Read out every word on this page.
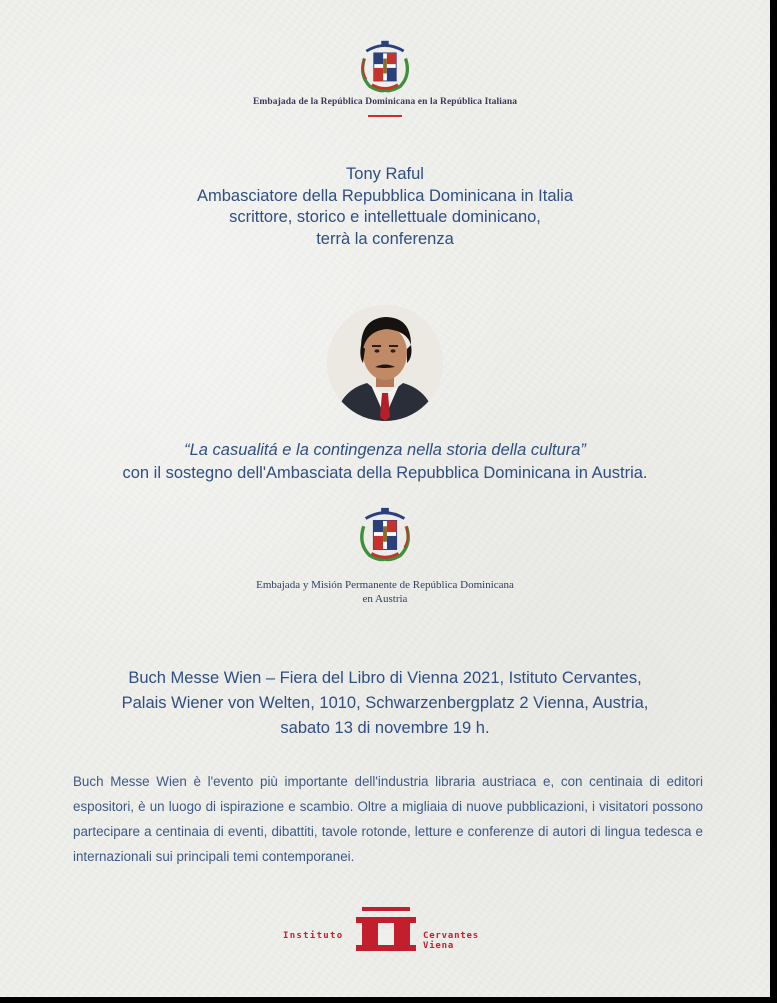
Embajada de la República Dominicana en la República Italiana
Tony Raful
Ambasciatore della Repubblica Dominicana in Italia
scrittore, storico e intellettuale dominicano,
terrà la conferenza
“La casualitá e la contingenza nella storia della cultura”
con il sostegno dell'Ambasciata della Repubblica Dominicana in Austria.
Embajada y Misión Permanente de República Dominicana
en Austria
Buch Messe Wien – Fiera del Libro di Vienna 2021, Istituto Cervantes,
Palais Wiener von Welten, 1010, Schwarzenbergplatz 2 Vienna, Austria,
sabato 13 di novembre 19 h.
Buch Messe Wien è l'evento più importante dell'industria libraria austriaca e, con centinaia di editori espositori, è un luogo di ispirazione e scambio. Oltre a migliaia di nuove pubblicazioni, i visitatori possono partecipare a centinaia di eventi, dibattiti, tavole rotonde, letture e conferenze di autori di lingua tedesca e internazionali sui principali temi contemporanei.
Instituto	Cervantes
Viena
